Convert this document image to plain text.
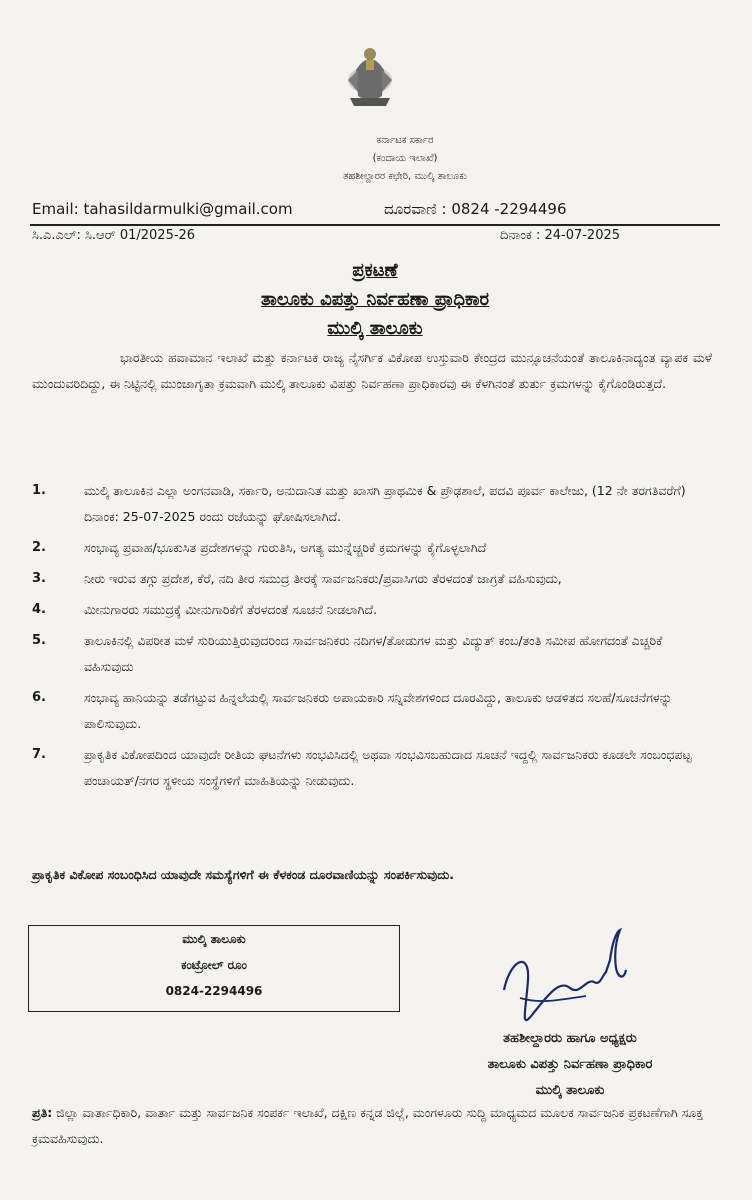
ಕರ್ನಾಟಕ ಸರ್ಕಾರ
(ಕಂದಾಯ ಇಲಾಖೆ)
ತಹಶೀಲ್ದಾರರ ಕಛೇರಿ, ಮುಲ್ಕಿ ತಾಲೂಕು
Email: tahasildarmulki@gmail.com	ದೂರವಾಣಿ : 0824 -2294496
ಸಿ.ಎ.ಎಲ್: ಸಿ.ಆರ್ 01/2025-26	ದಿನಾಂಕ : 24-07-2025
ಪ್ರಕಟಣೆ
ತಾಲೂಕು ವಿಪತ್ತು ನಿರ್ವಹಣಾ ಪ್ರಾಧಿಕಾರ
ಮುಲ್ಕಿ ತಾಲೂಕು
ಭಾರತೀಯ ಹವಾಮಾನ ಇಲಾಖೆ ಮತ್ತು ಕರ್ನಾಟಕ ರಾಜ್ಯ ನೈಸರ್ಗಿಕ ವಿಕೋಪ ಉಸ್ತುವಾರಿ ಕೇಂದ್ರದ ಮುನ್ಸೂಚನೆಯಂತೆ ತಾಲೂಕಿನಾದ್ಯಂತ ವ್ಯಾಪಕ ಮಳೆ ಮುಂದುವರಿದಿದ್ದು, ಈ ನಿಟ್ಟಿನಲ್ಲಿ ಮುಂಜಾಗೃತಾ ಕ್ರಮವಾಗಿ ಮುಲ್ಕಿ ತಾಲೂಕು ವಿಪತ್ತು ನಿರ್ವಹಣಾ ಪ್ರಾಧಿಕಾರವು ಈ ಕೆಳಗಿನಂತೆ ತುರ್ತು ಕ್ರಮಗಳನ್ನು ಕೈಗೊಂಡಿರುತ್ತದೆ.
1.	ಮುಲ್ಕಿ ತಾಲೂಕಿನ ಎಲ್ಲಾ ಅಂಗನವಾಡಿ, ಸರ್ಕಾರಿ, ಅನುದಾನಿತ ಮತ್ತು ಖಾಸಗಿ ಪ್ರಾಥಮಿಕ & ಪ್ರೌಢಶಾಲೆ, ಪದವಿ ಪೂರ್ವ ಕಾಲೇಜು, (12 ನೇ ತರಗತಿವರೆಗೆ) ದಿನಾಂಕ: 25-07-2025 ರಂದು ರಜೆಯನ್ನು ಘೋಷಿಸಲಾಗಿದೆ.
2.	ಸಂಭಾವ್ಯ ಪ್ರವಾಹ/ಭೂಕುಸಿತ ಪ್ರದೇಶಗಳನ್ನು ಗುರುತಿಸಿ, ಅಗತ್ಯ ಮುನ್ನೆಚ್ಚರಿಕೆ ಕ್ರಮಗಳನ್ನು ಕೈಗೊಳ್ಳಲಾಗಿದೆ
3.	ನೀರು ಇರುವ ತಗ್ಗು ಪ್ರದೇಶ, ಕೆರೆ, ನದಿ ತೀರ ಸಮುದ್ರ ತೀರಕ್ಕೆ ಸಾರ್ವಜನಿಕರು/ಪ್ರವಾಸಿಗರು ತೆರಳದಂತೆ ಜಾಗ್ರತೆ ವಹಿಸುವುದು,
4.	ಮೀನುಗಾರರು ಸಮುದ್ರಕ್ಕೆ ಮೀನುಗಾರಿಕೆಗೆ ತೆರಳದಂತೆ ಸೂಚನೆ ನೀಡಲಾಗಿದೆ.
5.	ತಾಲೂಕಿನಲ್ಲಿ ವಿಪರೀತ ಮಳೆ ಸುರಿಯುತ್ತಿರುವುದರಿಂದ ಸಾರ್ವಜನಿಕರು ನದಿಗಳ/ತೋಡುಗಳ ಮತ್ತು ವಿದ್ಯುತ್ ಕಂಬ/ತಂತಿ ಸಮೀಪ ಹೋಗದಂತೆ ಎಚ್ಚರಿಕೆ ವಹಿಸುವುದು
6.	ಸಂಭಾವ್ಯ ಹಾನಿಯನ್ನು ತಡೆಗಟ್ಟುವ ಹಿನ್ನಲೆಯಲ್ಲಿ ಸಾರ್ವಜನಿಕರು ಅಪಾಯಕಾರಿ ಸನ್ನಿವೇಶಗಳಿಂದ ದೂರವಿದ್ದು, ತಾಲೂಕು ಆಡಳಿತದ ಸಲಹೆ/ಸೂಚನೆಗಳನ್ನು ಪಾಲಿಸುವುದು.
7.	ಪ್ರಾಕೃತಿಕ ವಿಕೋಪದಿಂದ ಯಾವುದೇ ರೀತಿಯ ಘಟನೆಗಳು ಸಂಭವಿಸಿದಲ್ಲಿ ಅಥವಾ ಸಂಭವಿಸಬಹುದಾದ ಸೂಚನೆ ಇದ್ದಲ್ಲಿ ಸಾರ್ವಜನಿಕರು ಕೂಡಲೇ ಸಂಬಂಧಪಟ್ಟ ಪಂಚಾಯತ್/ನಗರ ಸ್ಥಳೀಯ ಸಂಸ್ಥೆಗಳಿಗೆ ಮಾಹಿತಿಯನ್ನು ನೀಡುವುದು.
ಪ್ರಾಕೃತಿಕ ವಿಕೋಪ ಸಂಬಂಧಿಸಿದ ಯಾವುದೇ ಸಮಸ್ಯೆಗಳಿಗೆ ಈ ಕೆಳಕಂಡ ದೂರವಾಣಿಯನ್ನು ಸಂಪರ್ಕಿಸುವುದು.
ಮುಲ್ಕಿ ತಾಲೂಕು
ಕಂಟ್ರೋಲ್ ರೂಂ
0824-2294496
ತಹಶೀಲ್ದಾರರು ಹಾಗೂ ಅಧ್ಯಕ್ಷರು
ತಾಲೂಕು ವಿಪತ್ತು ನಿರ್ವಹಣಾ ಪ್ರಾಧಿಕಾರ
ಮುಲ್ಕಿ ತಾಲೂಕು
ಪ್ರತಿ: ಜಿಲ್ಲಾ ವಾರ್ತಾಧಿಕಾರಿ, ವಾರ್ತಾ ಮತ್ತು ಸಾರ್ವಜನಿಕ ಸಂಪರ್ಕ ಇಲಾಖೆ, ದಕ್ಷಿಣ ಕನ್ನಡ ಜಿಲ್ಲೆ, ಮಂಗಳೂರು ಸುದ್ದಿ ಮಾಧ್ಯಮದ ಮೂಲಕ ಸಾರ್ವಜನಿಕ ಪ್ರಕಟಣೆಗಾಗಿ ಸೂಕ್ತ ಕ್ರಮವಹಿಸುವುದು.
